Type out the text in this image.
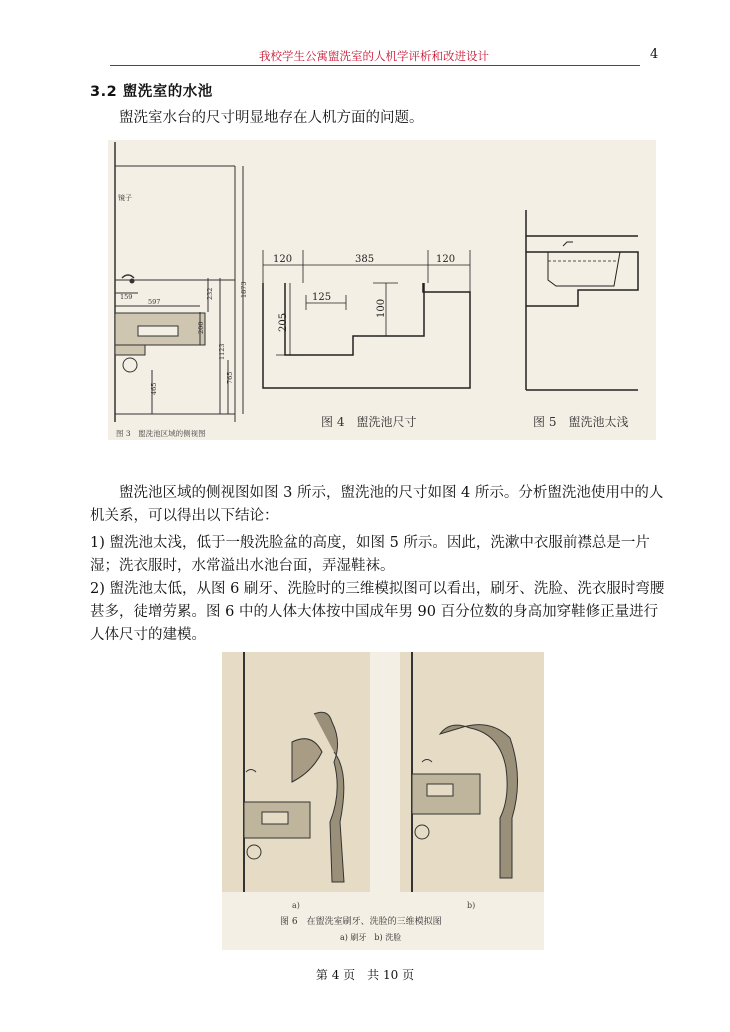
我校学生公寓盥洗室的人机学评析和改进设计	4
3.2 盥洗室的水池
盥洗室水台的尺寸明显地存在人机方面的问题。
镜子
159
597
232	1873
200
1123
765
465
图 3　盥洗池区域的侧视图
120	385	120
125
100
205
图 4　盥洗池尺寸	图 5　盥洗池太浅
盥洗池区域的侧视图如图 3 所示，盥洗池的尺寸如图 4 所示。分析盥洗池使用中的人机关系，可以得出以下结论：
1) 盥洗池太浅，低于一般洗脸盆的高度，如图 5 所示。因此，洗漱中衣服前襟总是一片湿；洗衣服时，水常溢出水池台面，弄湿鞋袜。
2) 盥洗池太低，从图 6 刷牙、洗脸时的三维模拟图可以看出，刷牙、洗脸、洗衣服时弯腰甚多，徒增劳累。图 6 中的人体大体按中国成年男 90 百分位数的身高加穿鞋修正量进行人体尺寸的建模。
a)	b)
图 6　在盥洗室刷牙、洗脸的三维模拟图
a) 刷牙　b) 洗脸
第 4 页　共 10 页
